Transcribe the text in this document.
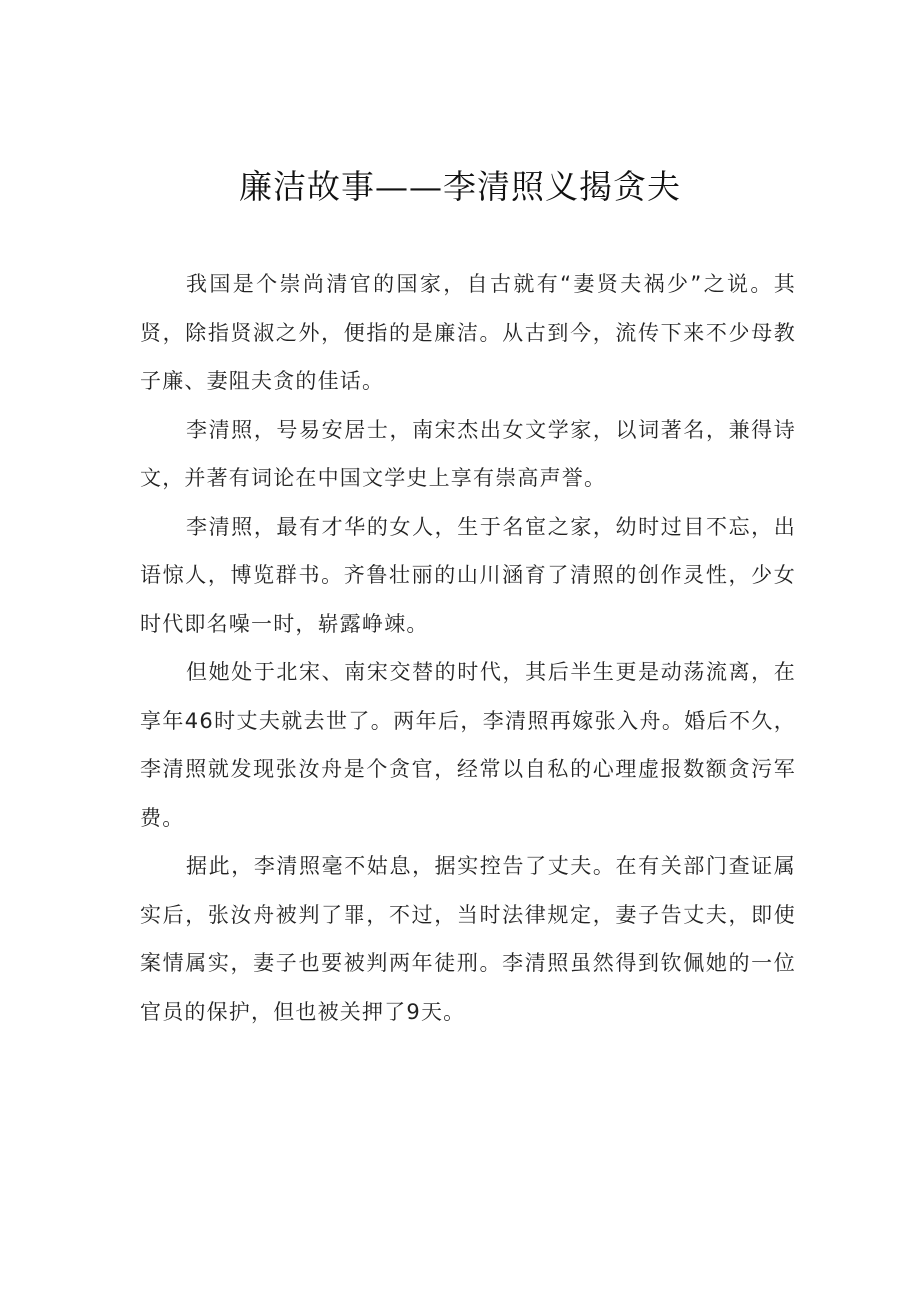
廉洁故事——李清照义揭贪夫

我国是个崇尚清官的国家，自古就有“妻贤夫祸少”之说。其贤，除指贤淑之外，便指的是廉洁。从古到今，流传下来不少母教子廉、妻阻夫贪的佳话。

李清照，号易安居士，南宋杰出女文学家，以词著名，兼得诗文，并著有词论在中国文学史上享有崇高声誉。

李清照，最有才华的女人，生于名宦之家，幼时过目不忘，出语惊人，博览群书。齐鲁壮丽的山川涵育了清照的创作灵性，少女时代即名噪一时，崭露峥竦。

但她处于北宋、南宋交替的时代，其后半生更是动荡流离，在享年46时丈夫就去世了。两年后，李清照再嫁张入舟。婚后不久，李清照就发现张汝舟是个贪官，经常以自私的心理虚报数额贪污军费。

据此，李清照毫不姑息，据实控告了丈夫。在有关部门查证属实后，张汝舟被判了罪，不过，当时法律规定，妻子告丈夫，即使案情属实，妻子也要被判两年徒刑。李清照虽然得到钦佩她的一位官员的保护，但也被关押了9天。
